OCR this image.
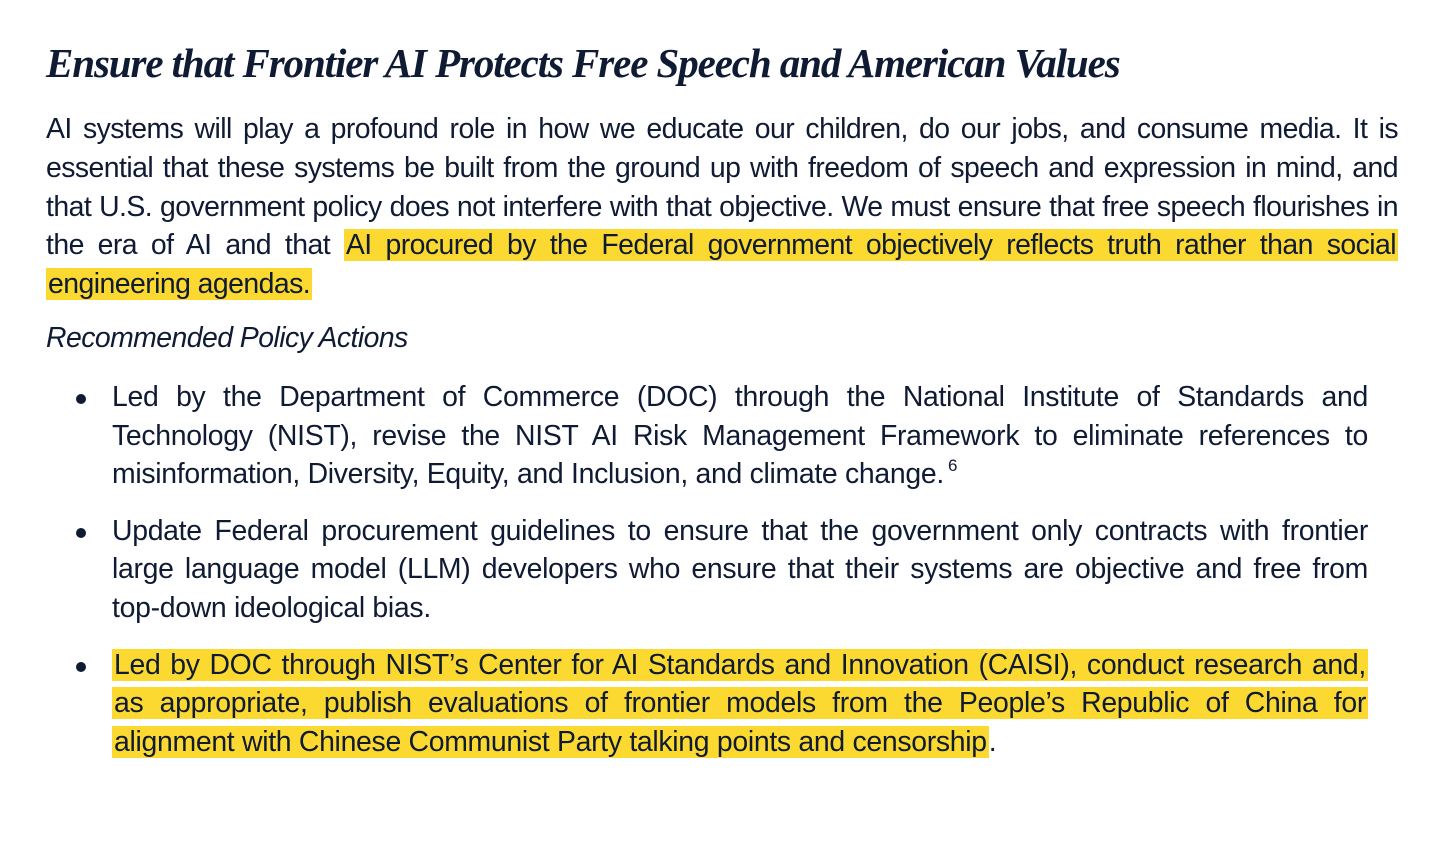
Ensure that Frontier AI Protects Free Speech and American Values

AI systems will play a profound role in how we educate our children, do our jobs, and consume media. It is essential that these systems be built from the ground up with freedom of speech and expression in mind, and that U.S. government policy does not interfere with that objective. We must ensure that free speech flourishes in the era of AI and that AI procured by the Federal government objectively reflects truth rather than social engineering agendas.

Recommended Policy Actions

Led by the Department of Commerce (DOC) through the National Institute of Standards and Technology (NIST), revise the NIST AI Risk Management Framework to eliminate references to misinformation, Diversity, Equity, and Inclusion, and climate change. $^6$
Update Federal procurement guidelines to ensure that the government only contracts with frontier large language model (LLM) developers who ensure that their systems are objective and free from top-down ideological bias.
Led by DOC through NIST’s Center for AI Standards and Innovation (CAISI), conduct research and, as appropriate, publish evaluations of frontier models from the People’s Republic of China for alignment with Chinese Communist Party talking points and censorship.
